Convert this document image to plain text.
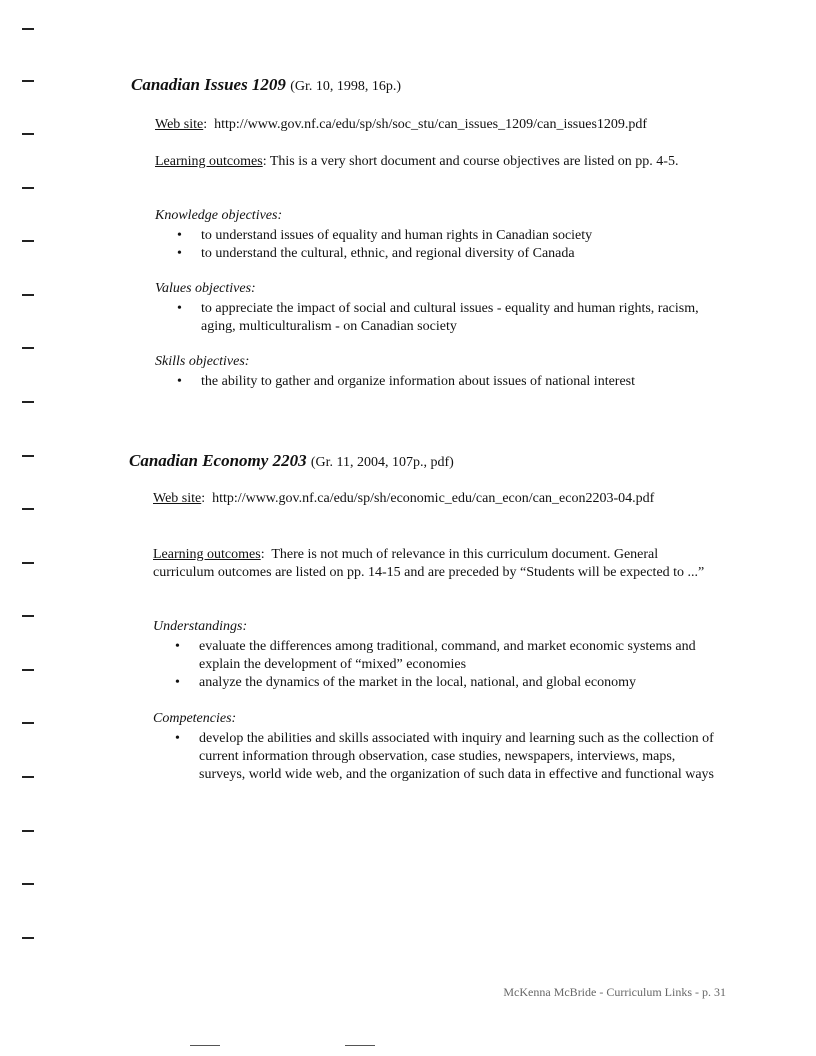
Canadian Issues 1209 (Gr. 10, 1998, 16p.)
Web site:  http://www.gov.nf.ca/edu/sp/sh/soc_stu/can_issues_1209/can_issues1209.pdf
Learning outcomes: This is a very short document and course objectives are listed on pp. 4-5.
Knowledge objectives:
• to understand issues of equality and human rights in Canadian society
• to understand the cultural, ethnic, and regional diversity of Canada
Values objectives:
• to appreciate the impact of social and cultural issues - equality and human rights, racism, aging, multiculturalism - on Canadian society
Skills objectives:
• the ability to gather and organize information about issues of national interest
Canadian Economy 2203 (Gr. 11, 2004, 107p., pdf)
Web site:  http://www.gov.nf.ca/edu/sp/sh/economic_edu/can_econ/can_econ2203-04.pdf
Learning outcomes:  There is not much of relevance in this curriculum document. General curriculum outcomes are listed on pp. 14-15 and are preceded by “Students will be expected to ...”
Understandings:
• evaluate the differences among traditional, command, and market economic systems and explain the development of “mixed” economies
• analyze the dynamics of the market in the local, national, and global economy
Competencies:
• develop the abilities and skills associated with inquiry and learning such as the collection of current information through observation, case studies, newspapers, interviews, maps, surveys, world wide web, and the organization of such data in effective and functional ways
McKenna McBride - Curriculum Links - p. 31
